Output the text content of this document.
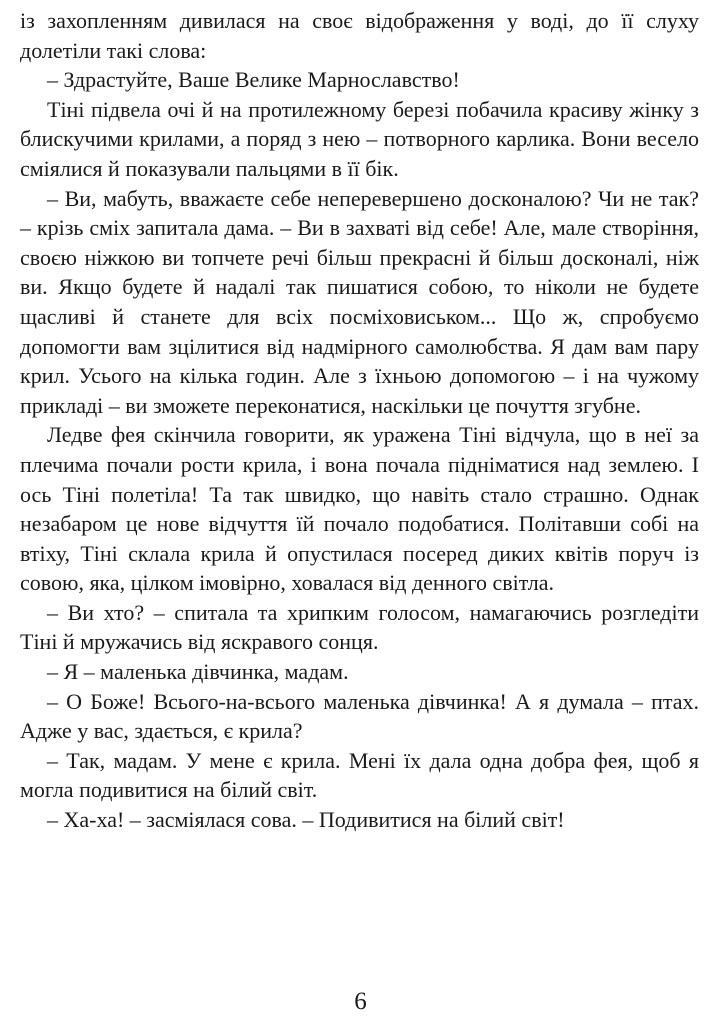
із захопленням дивилася на своє відображення у воді, до її слуху долетіли такі слова:

– Здрастуйте, Ваше Велике Марнославство!

Тіні підвела очі й на протилежному березі побачила красиву жінку з блискучими крилами, а поряд з нею – потворного карлика. Вони весело сміялися й показували пальцями в її бік.

– Ви, мабуть, вважаєте себе неперевершено досконалою? Чи не так? – крізь сміх запитала дама. – Ви в захваті від себе! Але, мале створіння, своєю ніжкою ви топчете речі більш прекрасні й більш досконалі, ніж ви. Якщо будете й надалі так пишатися собою, то ніколи не будете щасливі й станете для всіх посміховиськом... Що ж, спробуємо допомогти вам зцілитися від надмірного самолюбства. Я дам вам пару крил. Усього на кілька годин. Але з їхньою допомогою – і на чужому прикладі – ви зможете переконатися, наскільки це почуття згубне.

Ледве фея скінчила говорити, як уражена Тіні відчула, що в неї за плечима почали рости крила, і вона почала підніматися над землею. І ось Тіні полетіла! Та так швидко, що навіть стало страшно. Однак незабаром це нове відчуття їй почало подобатися. Політавши собі на втіху, Тіні склала крила й опустилася посеред диких квітів поруч із совою, яка, цілком імовірно, ховалася від денного світла.

– Ви хто? – спитала та хрипким голосом, намагаючись розгледіти Тіні й мружачись від яскравого сонця.

– Я – маленька дівчинка, мадам.

– О Боже! Всього-на-всього маленька дівчинка! А я думала – птах. Адже у вас, здається, є крила?

– Так, мадам. У мене є крила. Мені їх дала одна добра фея, щоб я могла подивитися на білий світ.

– Ха-ха! – засміялася сова. – Подивитися на білий світ!

6
